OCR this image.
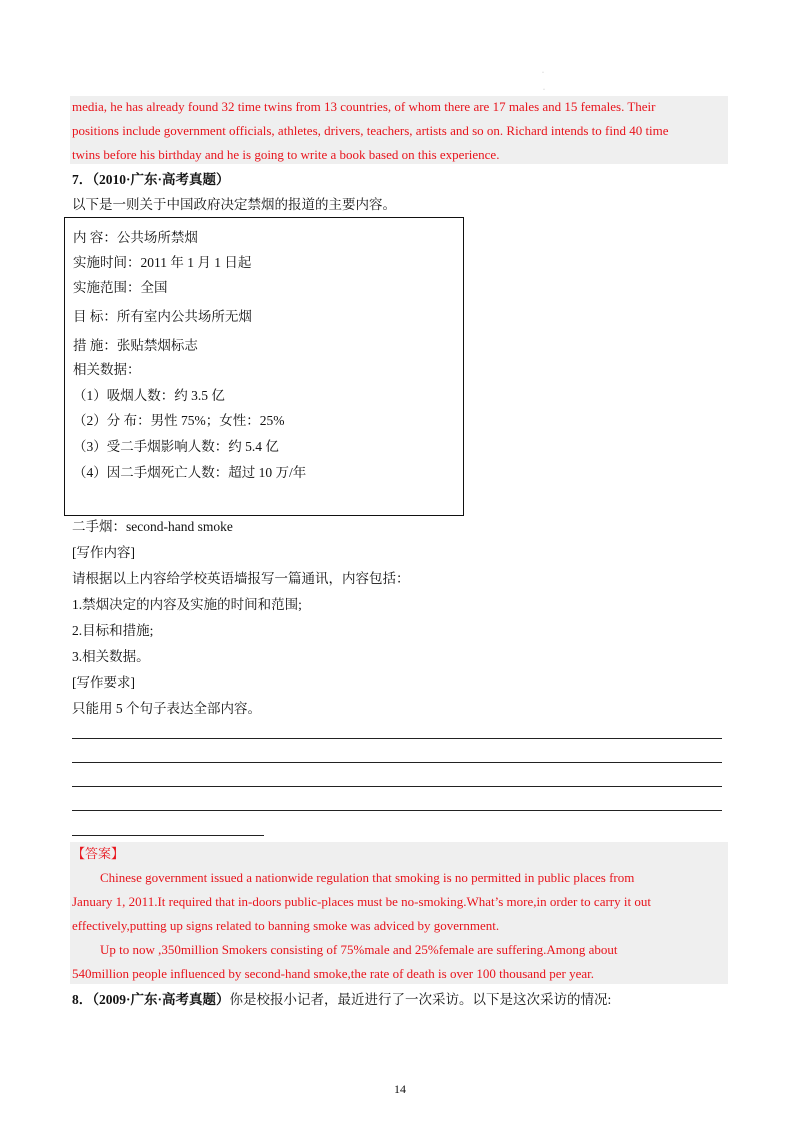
·
·
media, he has already found 32 time twins from 13 countries, of whom there are 17 males and 15 females. Their
positions include government officials, athletes, drivers, teachers, artists and so on. Richard intends to find 40 time
twins before his birthday and he is going to write a book based on this experience.
7．（2010·广东·高考真题）
以下是一则关于中国政府决定禁烟的报道的主要内容。
内 容：公共场所禁烟
实施时间：2011 年 1 月 1 日起
实施范围：全国
目 标：所有室内公共场所无烟
措 施：张贴禁烟标志
相关数据：
（1）吸烟人数：约 3.5 亿
（2）分 布：男性 75%；女性：25%
（3）受二手烟影响人数：约 5.4 亿
（4）因二手烟死亡人数：超过 10 万/年
二手烟：second-hand smoke
[写作内容]
请根据以上内容给学校英语墙报写一篇通讯，内容包括：
1.禁烟决定的内容及实施的时间和范围;
2.目标和措施;
3.相关数据。
[写作要求]
只能用 5 个句子表达全部内容。
【答案】
Chinese government issued a nationwide regulation that smoking is no permitted in public places from
January 1, 2011.It required that in-doors public-places must be no-smoking.What’s more,in order to carry it out
effectively,putting up signs related to banning smoke was adviced by government.
Up to now ,350million Smokers consisting of 75%male and 25%female are suffering.Among about
540million people influenced by second-hand smoke,the rate of death is over 100 thousand per year.
8．（2009·广东·高考真题）你是校报小记者，最近进行了一次采访。以下是这次采访的情况:
14
